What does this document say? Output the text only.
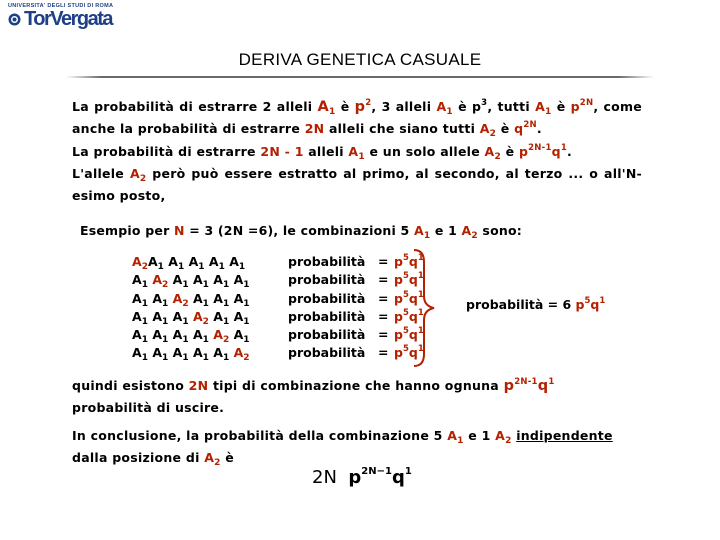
UNIVERSITA' DEGLI STUDI DI ROMA
TorVergata
DERIVA GENETICA CASUALE
La probabilità di estrarre 2 alleli $A_1$ è $p^2$, 3 alleli $A_1$ è $p^3$, tutti $A_1$ è $p^{2N}$, come anche la probabilità di estrarre 2N alleli che siano tutti $A_2$ è $q^{2N}$.
La probabilità di estrarre 2N - 1 alleli $A_1$ e un solo allele $A_2$ è $p^{2N-1}q^1$.
L'allele $A_2$ però può essere estratto al primo, al secondo, al terzo ... o all'N-esimo posto,
Esempio per N = 3 (2N =6), le combinazioni 5 $A_1$ e 1 $A_2$ sono:
$A_2A_1$ $A_1$ $A_1$ $A_1$ $A_1$	probabilità = $p^5q^1$
$A_1$ $A_2$ $A_1$ $A_1$ $A_1$ $A_1$	probabilità = $p^5q^1$
$A_1$ $A_1$ $A_2$ $A_1$ $A_1$ $A_1$	probabilità = $p^5q^1$
$A_1$ $A_1$ $A_1$ $A_2$ $A_1$ $A_1$	probabilità = $p^5q^1$
$A_1$ $A_1$ $A_1$ $A_1$ $A_2$ $A_1$	probabilità = $p^5q^1$
$A_1$ $A_1$ $A_1$ $A_1$ $A_1$ $A_2$	probabilità = $p^5q^1$
probabilità = 6 $p^5q^1$
quindi esistono 2N tipi di combinazione che hanno ognuna $p^{2N-1}q^1$
probabilità di uscire.
In conclusione, la probabilità della combinazione 5 $A_1$ e 1 $A_2$ indipendente
dalla posizione di $A_2$ è
2N $p^{2N-1}q^1$
